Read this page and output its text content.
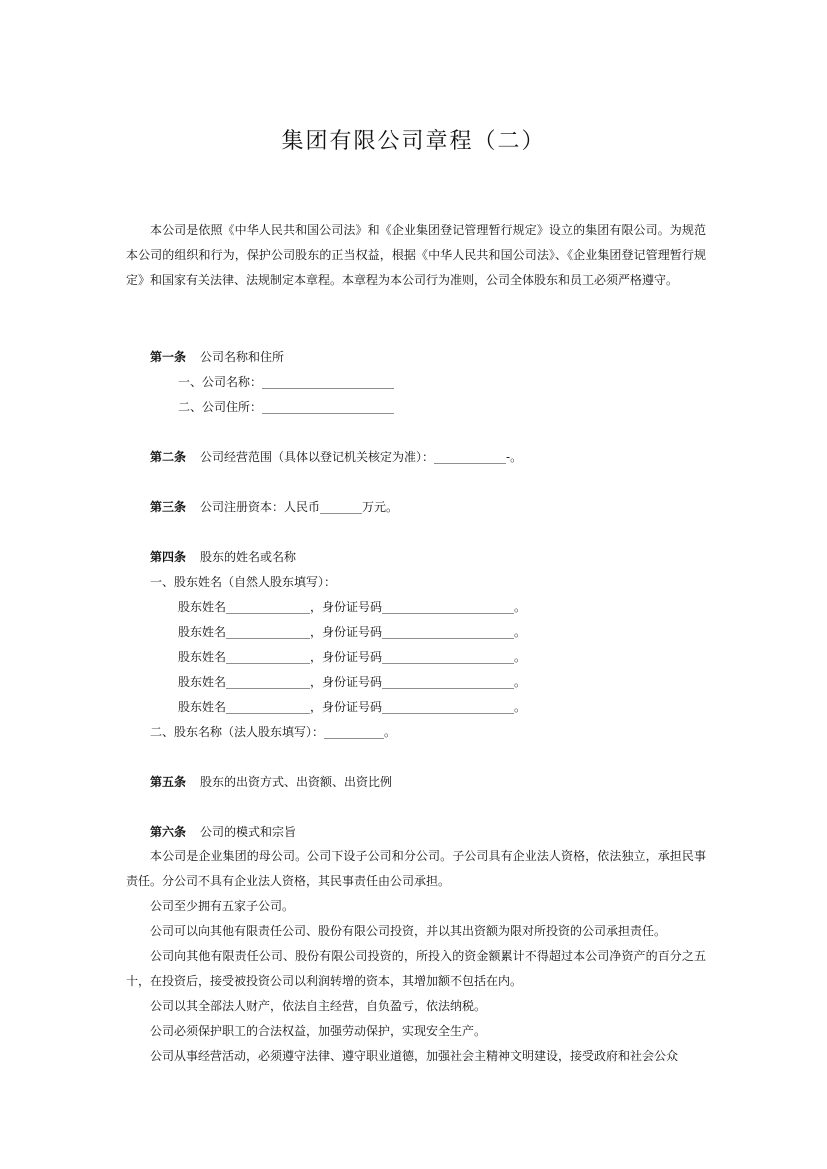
集团有限公司章程（二）

本公司是依照《中华人民共和国公司法》和《企业集团登记管理暂行规定》设立的集团有限公司。为规范本公司的组织和行为，保护公司股东的正当权益，根据《中华人民共和国公司法》、《企业集团登记管理暂行规定》和国家有关法律、法规制定本章程。本章程为本公司行为准则，公司全体股东和员工必须严格遵守。

第一条 公司名称和住所
一、公司名称：______________________
二、公司住所：______________________
第二条 公司经营范围（具体以登记机关核定为准）：____________-。
第三条 公司注册资本：人民币_______万元。
第四条 股东的姓名或名称
一、股东姓名（自然人股东填写）：
股东姓名______________，身份证号码______________________。
股东姓名______________，身份证号码______________________。
股东姓名______________，身份证号码______________________。
股东姓名______________，身份证号码______________________。
股东姓名______________，身份证号码______________________。
二、股东名称（法人股东填写）：__________。
第五条 股东的出资方式、出资额、出资比例
第六条 公司的模式和宗旨

本公司是企业集团的母公司。公司下设子公司和分公司。子公司具有企业法人资格，依法独立，承担民事责任。分公司不具有企业法人资格，其民事责任由公司承担。

公司至少拥有五家子公司。

公司可以向其他有限责任公司、股份有限公司投资，并以其出资额为限对所投资的公司承担责任。

公司向其他有限责任公司、股份有限公司投资的，所投入的资金额累计不得超过本公司净资产的百分之五十，在投资后，接受被投资公司以利润转增的资本，其增加额不包括在内。

公司以其全部法人财产，依法自主经营，自负盈亏，依法纳税。

公司必须保护职工的合法权益，加强劳动保护，实现安全生产。

公司从事经营活动，必须遵守法律、遵守职业道德，加强社会主精神文明建设，接受政府和社会公众
